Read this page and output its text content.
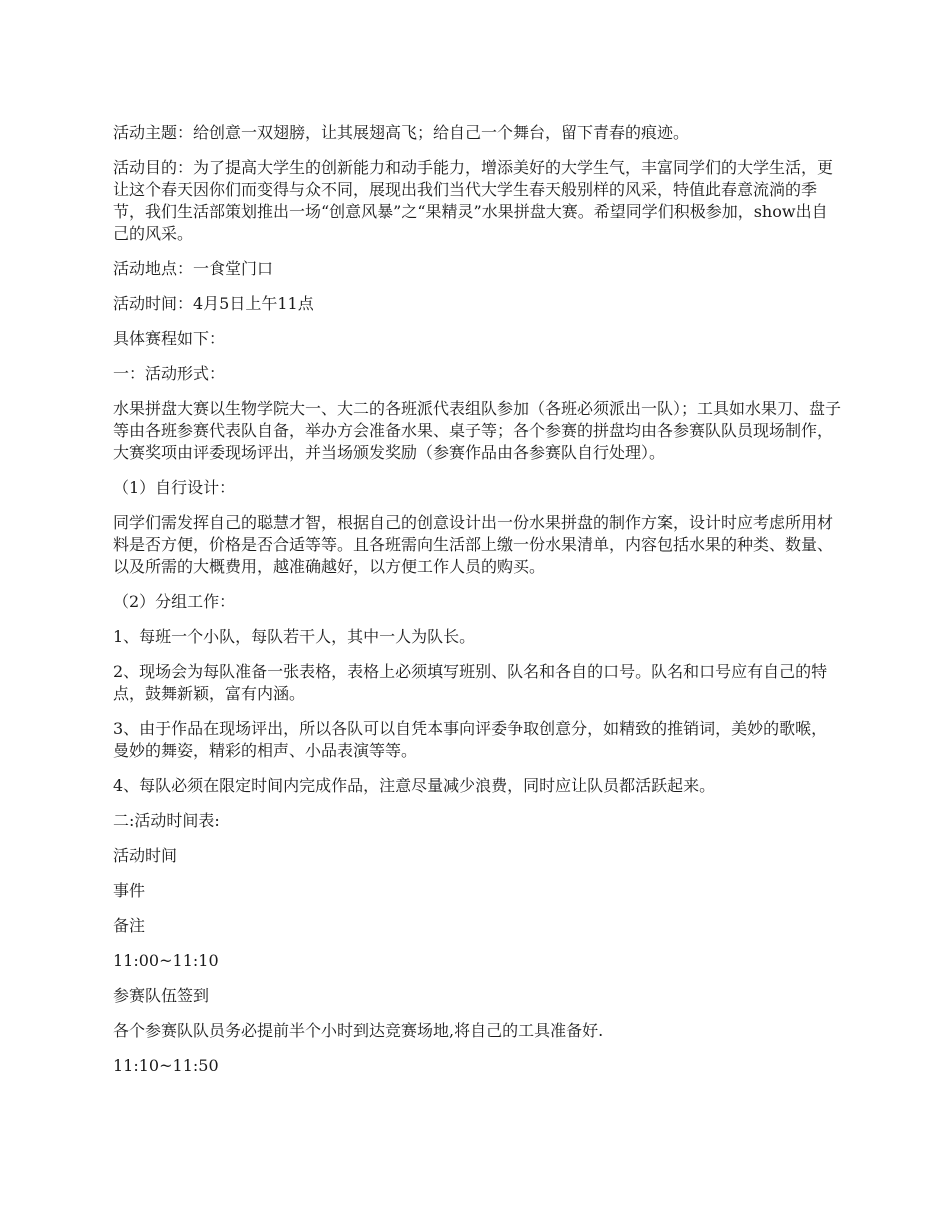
活动主题：给创意一双翅膀，让其展翅高飞；给自己一个舞台，留下青春的痕迹。

活动目的：为了提高大学生的创新能力和动手能力，增添美好的大学生气，丰富同学们的大学生活，更让这个春天因你们而变得与众不同，展现出我们当代大学生春天般别样的风采，特值此春意流淌的季节，我们生活部策划推出一场“创意风暴”之“果精灵”水果拼盘大赛。希望同学们积极参加，show出自己的风采。

活动地点：一食堂门口

活动时间：4月5日上午11点

具体赛程如下：

一：活动形式：

水果拼盘大赛以生物学院大一、大二的各班派代表组队参加（各班必须派出一队）；工具如水果刀、盘子等由各班参赛代表队自备，举办方会准备水果、桌子等；各个参赛的拼盘均由各参赛队队员现场制作，大赛奖项由评委现场评出，并当场颁发奖励（参赛作品由各参赛队自行处理）。

（1）自行设计：

同学们需发挥自己的聪慧才智，根据自己的创意设计出一份水果拼盘的制作方案，设计时应考虑所用材料是否方便，价格是否合适等等。且各班需向生活部上缴一份水果清单，内容包括水果的种类、数量、以及所需的大概费用，越准确越好，以方便工作人员的购买。

（2）分组工作：

1、每班一个小队，每队若干人，其中一人为队长。

2、现场会为每队准备一张表格，表格上必须填写班别、队名和各自的口号。队名和口号应有自己的特点，鼓舞新颖，富有内涵。

3、由于作品在现场评出，所以各队可以自凭本事向评委争取创意分，如精致的推销词，美妙的歌喉，曼妙的舞姿，精彩的相声、小品表演等等。

4、每队必须在限定时间内完成作品，注意尽量减少浪费，同时应让队员都活跃起来。

二:活动时间表:

活动时间

事件

备注

11:00~11:10

参赛队伍签到

各个参赛队队员务必提前半个小时到达竞赛场地,将自己的工具准备好.

11:10~11:50
